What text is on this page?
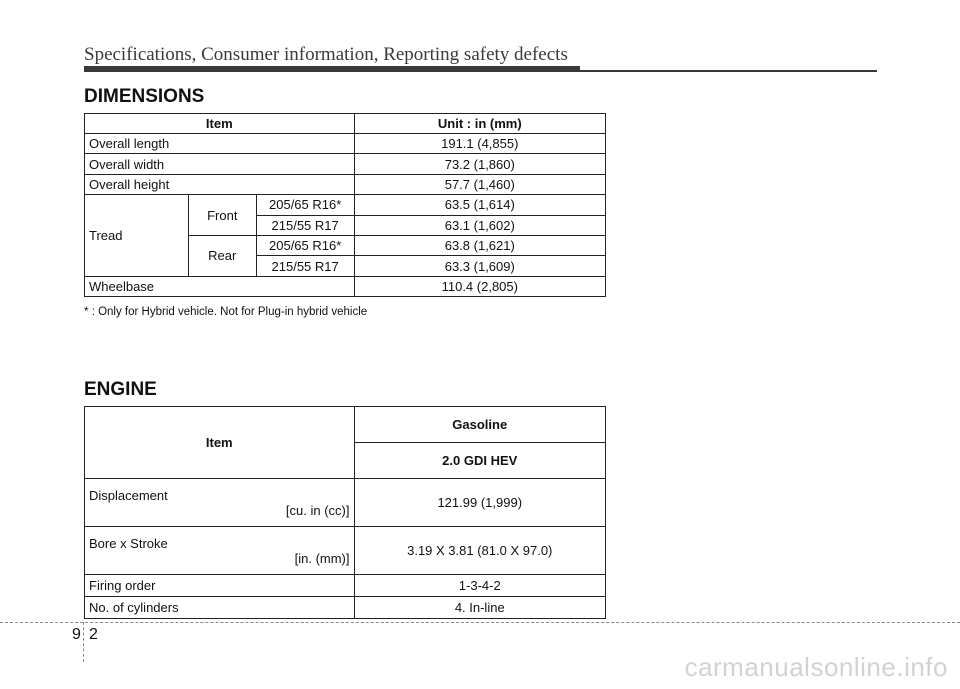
Specifications, Consumer information, Reporting safety defects
DIMENSIONS
Item			Unit : in (mm)
Overall length			191.1 (4,855)
Overall width			73.2 (1,860)
Overall height			57.7 (1,460)
Tread	Front	205/65 R16*	63.5 (1,614)
		215/55 R17	63.1 (1,602)
	Rear	205/65 R16*	63.8 (1,621)
		215/55 R17	63.3 (1,609)
Wheelbase			110.4 (2,805)
* : Only for Hybrid vehicle. Not for Plug-in hybrid vehicle
ENGINE
Item	Gasoline
	2.0 GDI HEV

Displacement
[cu. in (cc)]	121.99 (1,999)

Bore x Stroke
[in. (mm)]	3.19 X 3.81 (81.0 X 97.0)
Firing order	1-3-4-2
No. of cylinders	4. In-line
9 2
carmanualsonline.info
